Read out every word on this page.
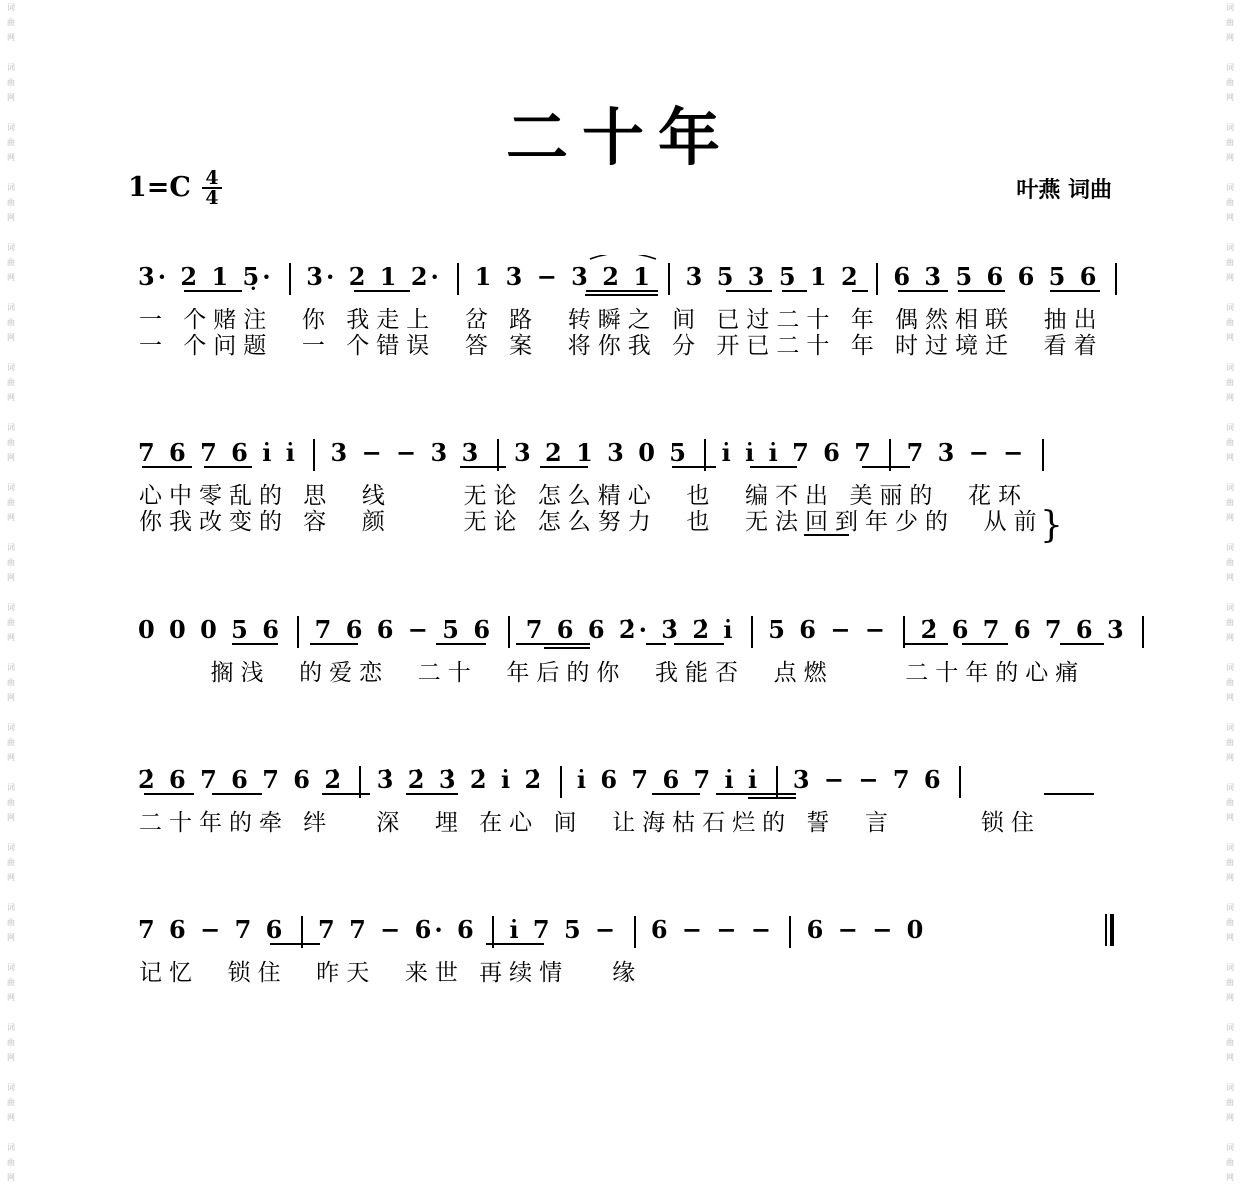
词
曲
网
词
曲
网
词
曲
网
词
曲
网
词
曲
网
词
曲
网
词
曲
网
词
曲
网
词
曲
网
词
曲
网
词
曲
网
词
曲
网
词
曲
网
词
曲
网
词
曲
网
词
曲
网
词
曲
网
词
曲
网
词
曲
网
词
曲
网
词
曲
网
词
曲
网
词
曲
网
词
曲
网
词
曲
网
词
曲
网
词
曲
网
词
曲
网
词
曲
网
词
曲
网
词
曲
网
词
曲
网
词
曲
网
词
曲
网
词
曲
网
词
曲
网
词
曲
网
词
曲
网
词
曲
网
词
曲
网
二十年
1=C 4
4	叶燕 词曲
3· 2 1 5̣·  3· 2 1 2·  1 3 − 3 2 1  3 5 3 5 1 2  6 3 5 6 6 5 6
一 个赌注  你 我走上  岔 路  转瞬之 间 已过二十 年 偶然相联  抽出
一 个问题  一 个错误  答 案  将你我 分 开已二十 年 时过境迁  看着
7 6 7 6 i̇ i̇  3 − − 3 3  3 2 1 3 0 5  i̇ i̇ i̇ 7 6 7  7 3 − −
心中零乱的 思  线     无论 怎么精心  也  编不出 美丽的  花环
你我改变的 容  颜     无论 怎么努力  也  无法回到年少的  从前
}
0 0 0 5 6  7 6 6 − 5 6  7 6 6 2̇· 3̇ 2̇ i̇  5 6 − −  2̇ 6 7 6 7 6 3
搁浅  的爱恋  二十  年后的你  我能否  点燃     二十年的心痛
2̇ 6 7 6 7 6 2̇  3̇ 2̇ 3̇ 2̇ i̇ 2̇  i̇ 6 7 6 7 i̇ i̇  3 − − 7 6
二十年的牵 绊   深  埋 在心 间  让海枯石烂的 誓  言      锁住
7 6 − 7 6  7 7 − 6· 6  i̇ 7 5 −  6 − − −  6 − − 0
记忆  锁住  昨天  来世 再续情   缘
